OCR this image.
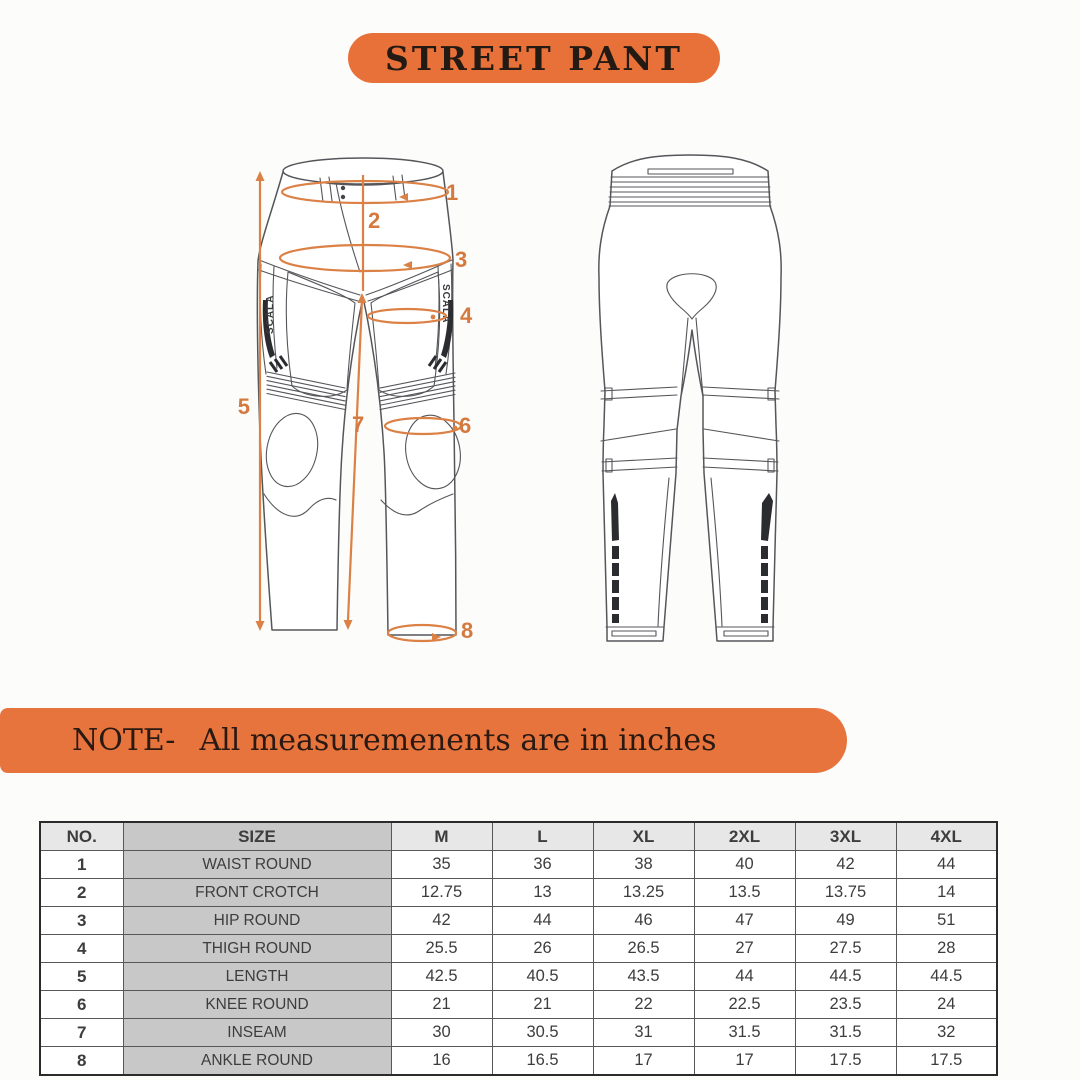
STREET PANT
SCALA	SCALA
1
2
3
4
5
6
7
8
NOTE- All measuremenents are in inches
NO.	SIZE	M	L	XL	2XL	3XL	4XL
1	WAIST ROUND	35	36	38	40	42	44
2	FRONT CROTCH	12.75	13	13.25	13.5	13.75	14
3	HIP ROUND	42	44	46	47	49	51
4	THIGH ROUND	25.5	26	26.5	27	27.5	28
5	LENGTH	42.5	40.5	43.5	44	44.5	44.5
6	KNEE ROUND	21	21	22	22.5	23.5	24
7	INSEAM	30	30.5	31	31.5	31.5	32
8	ANKLE ROUND	16	16.5	17	17	17.5	17.5
